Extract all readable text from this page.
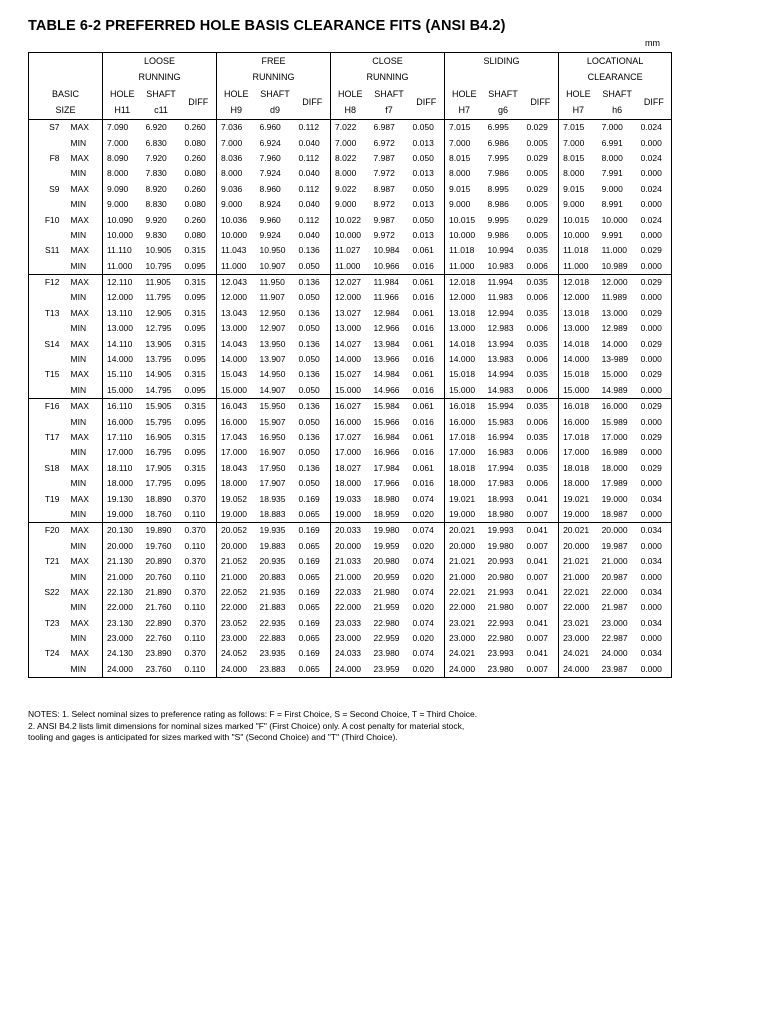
TABLE 6-2 PREFERRED HOLE BASIS CLEARANCE FITS (ANSI B4.2)
mm
		LOOSE			FREE			CLOSE			SLIDING			LOCATIONAL		
		RUNNING			RUNNING			RUNNING						CLEARANCE		
BASIC		HOLE	SHAFT	DIFF	HOLE	SHAFT	DIFF	HOLE	SHAFT	DIFF	HOLE	SHAFT	DIFF	HOLE	SHAFT	DIFF
SIZE		H11	c11		H9	d9		H8	f7		H7	g6		H7	h6	
S7	MAX	7.090	6.920	0.260	7.036	6.960	0.112	7.022	6.987	0.050	7.015	6.995	0.029	7.015	7.000	0.024
	MIN	7.000	6.830	0.080	7.000	6.924	0.040	7.000	6.972	0.013	7.000	6.986	0.005	7.000	6.991	0.000
F8	MAX	8.090	7.920	0.260	8.036	7.960	0.112	8.022	7.987	0.050	8.015	7.995	0.029	8.015	8.000	0.024
	MIN	8.000	7.830	0.080	8.000	7.924	0.040	8.000	7.972	0.013	8.000	7.986	0.005	8.000	7.991	0.000
S9	MAX	9.090	8.920	0.260	9.036	8.960	0.112	9.022	8.987	0.050	9.015	8.995	0.029	9.015	9.000	0.024
	MIN	9.000	8.830	0.080	9.000	8.924	0.040	9.000	8.972	0.013	9.000	8.986	0.005	9.000	8.991	0.000
F10	MAX	10.090	9.920	0.260	10.036	9.960	0.112	10.022	9.987	0.050	10.015	9.995	0.029	10.015	10.000	0.024
	MIN	10.000	9.830	0.080	10.000	9.924	0.040	10.000	9.972	0.013	10.000	9.986	0.005	10.000	9.991	0.000
S11	MAX	11.110	10.905	0.315	11.043	10.950	0.136	11.027	10.984	0.061	11.018	10.994	0.035	11.018	11.000	0.029
	MIN	11.000	10.795	0.095	11.000	10.907	0.050	11.000	10.966	0.016	11.000	10.983	0.006	11.000	10.989	0.000
F12	MAX	12.110	11.905	0.315	12.043	11.950	0.136	12.027	11.984	0.061	12.018	11.994	0.035	12.018	12.000	0.029
	MIN	12.000	11.795	0.095	12.000	11.907	0.050	12.000	11.966	0.016	12.000	11.983	0.006	12.000	11.989	0.000
T13	MAX	13.110	12.905	0.315	13.043	12.950	0.136	13.027	12.984	0.061	13.018	12.994	0.035	13.018	13.000	0.029
	MIN	13.000	12.795	0.095	13.000	12.907	0.050	13.000	12.966	0.016	13.000	12.983	0.006	13.000	12.989	0.000
S14	MAX	14.110	13.905	0.315	14.043	13.950	0.136	14.027	13.984	0.061	14.018	13.994	0.035	14.018	14.000	0.029
	MIN	14.000	13.795	0.095	14.000	13.907	0.050	14.000	13.966	0.016	14.000	13.983	0.006	14.000	13-989	0.000
T15	MAX	15.110	14.905	0.315	15.043	14.950	0.136	15.027	14.984	0.061	15.018	14.994	0.035	15.018	15.000	0.029
	MIN	15.000	14.795	0.095	15.000	14.907	0.050	15.000	14.966	0.016	15.000	14.983	0.006	15.000	14.989	0.000
F16	MAX	16.110	15.905	0.315	16.043	15.950	0.136	16.027	15.984	0.061	16.018	15.994	0.035	16.018	16.000	0.029
	MIN	16.000	15.795	0.095	16.000	15.907	0.050	16.000	15.966	0.016	16.000	15.983	0.006	16.000	15.989	0.000
T17	MAX	17.110	16.905	0.315	17.043	16.950	0.136	17.027	16.984	0.061	17.018	16.994	0.035	17.018	17.000	0.029
	MIN	17.000	16.795	0.095	17.000	16.907	0.050	17.000	16.966	0.016	17.000	16.983	0.006	17.000	16.989	0.000
S18	MAX	18.110	17.905	0.315	18.043	17.950	0.136	18.027	17.984	0.061	18.018	17.994	0.035	18.018	18.000	0.029
	MIN	18.000	17.795	0.095	18.000	17.907	0.050	18.000	17.966	0.016	18.000	17.983	0.006	18.000	17.989	0.000
T19	MAX	19.130	18.890	0.370	19.052	18.935	0.169	19.033	18.980	0.074	19.021	18.993	0.041	19.021	19.000	0.034
	MIN	19.000	18.760	0.110	19.000	18.883	0.065	19.000	18.959	0.020	19.000	18.980	0.007	19.000	18.987	0.000
F20	MAX	20.130	19.890	0.370	20.052	19.935	0.169	20.033	19.980	0.074	20.021	19.993	0.041	20.021	20.000	0.034
	MIN	20.000	19.760	0.110	20.000	19.883	0.065	20.000	19.959	0.020	20.000	19.980	0.007	20.000	19.987	0.000
T21	MAX	21.130	20.890	0.370	21.052	20.935	0.169	21.033	20.980	0.074	21.021	20.993	0.041	21.021	21.000	0.034
	MIN	21.000	20.760	0.110	21.000	20.883	0.065	21.000	20.959	0.020	21.000	20.980	0.007	21.000	20.987	0.000
S22	MAX	22.130	21.890	0.370	22.052	21.935	0.169	22.033	21.980	0.074	22.021	21.993	0.041	22.021	22.000	0.034
	MIN	22.000	21.760	0.110	22.000	21.883	0.065	22.000	21.959	0.020	22.000	21.980	0.007	22.000	21.987	0.000
T23	MAX	23.130	22.890	0.370	23.052	22.935	0.169	23.033	22.980	0.074	23.021	22.993	0.041	23.021	23.000	0.034
	MIN	23.000	22.760	0.110	23.000	22.883	0.065	23.000	22.959	0.020	23.000	22.980	0.007	23.000	22.987	0.000
T24	MAX	24.130	23.890	0.370	24.052	23.935	0.169	24.033	23.980	0.074	24.021	23.993	0.041	24.021	24.000	0.034
	MIN	24.000	23.760	0.110	24.000	23.883	0.065	24.000	23.959	0.020	24.000	23.980	0.007	24.000	23.987	0.000
NOTES: 1. Select nominal sizes to preference rating as follows: F = First Choice, S = Second Choice, T = Third Choice.
2. ANSI B4.2 lists limit dimensions for nominal sizes marked "F" (First Choice) only. A cost penalty for material stock,
tooling and gages is anticipated for sizes marked with "S" (Second Choice) and "T" (Third Choice).
